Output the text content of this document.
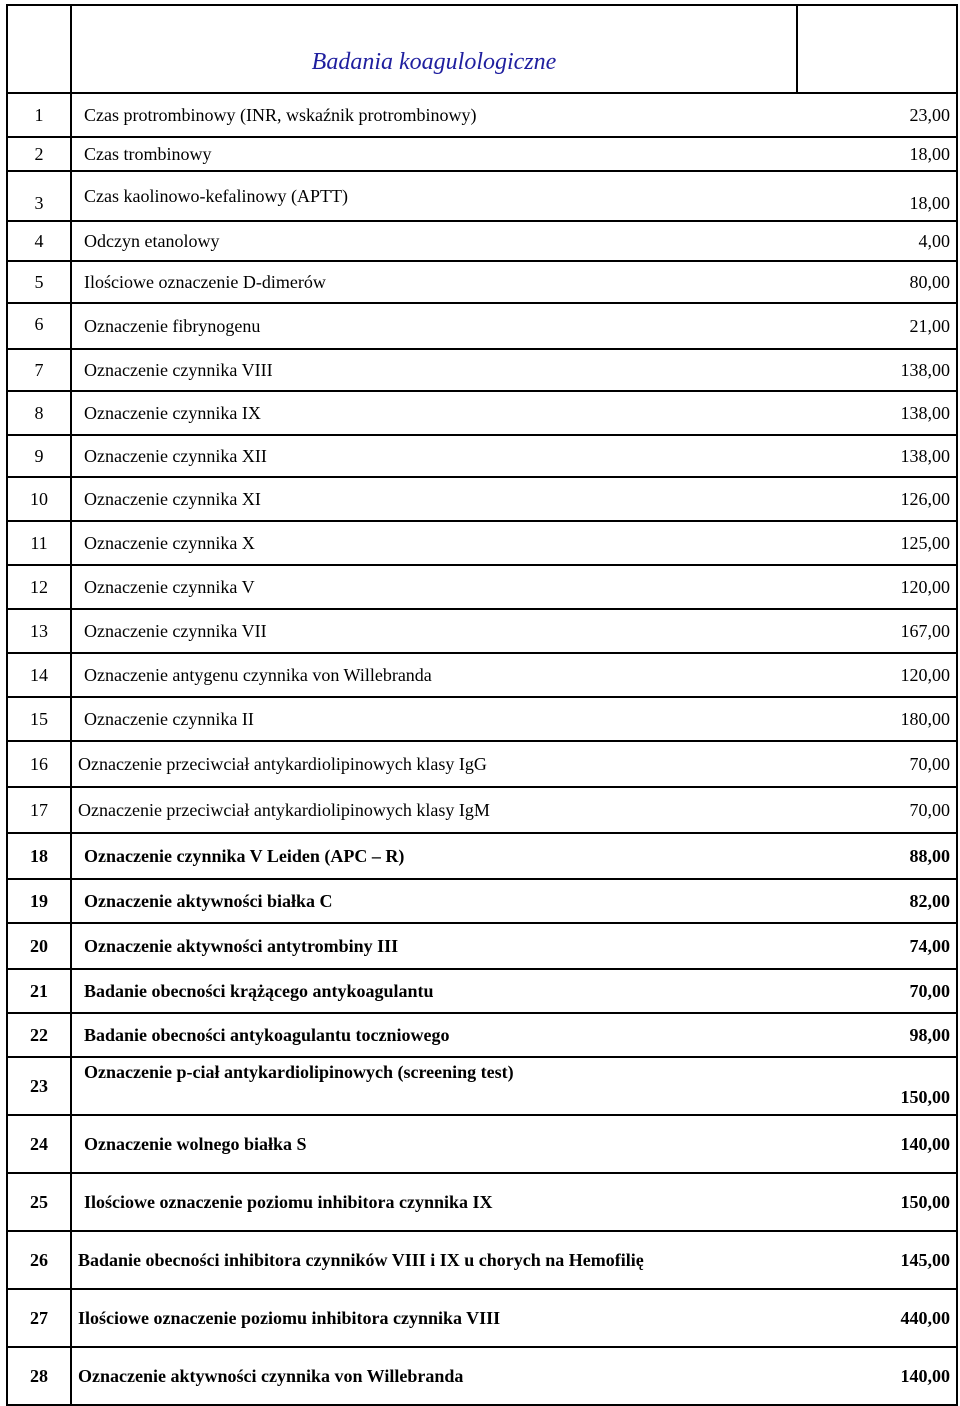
	Badania koagulologiczne	
1	Czas protrombinowy (INR, wskaźnik protrombinowy)	23,00
2	Czas trombinowy	18,00
3	Czas kaolinowo-kefalinowy (APTT)	18,00
4	Odczyn etanolowy	4,00
5	Ilościowe oznaczenie D-dimerów	80,00
6	Oznaczenie fibrynogenu	21,00
7	Oznaczenie czynnika VIII	138,00
8	Oznaczenie czynnika IX	138,00
9	Oznaczenie czynnika XII	138,00
10	Oznaczenie czynnika XI	126,00
11	Oznaczenie czynnika X	125,00
12	Oznaczenie czynnika V	120,00
13	Oznaczenie czynnika VII	167,00
14	Oznaczenie antygenu czynnika von Willebranda	120,00
15	Oznaczenie czynnika II	180,00
16	Oznaczenie przeciwciał antykardiolipinowych klasy IgG	70,00
17	Oznaczenie przeciwciał antykardiolipinowych klasy IgM	70,00
18	Oznaczenie czynnika V Leiden (APC – R)	88,00
19	Oznaczenie aktywności białka C	82,00
20	Oznaczenie aktywności antytrombiny III	74,00
21	Badanie obecności krążącego antykoagulantu	70,00
22	Badanie obecności antykoagulantu toczniowego	98,00
23	Oznaczenie p-ciał antykardiolipinowych (screening test)	150,00
24	Oznaczenie wolnego białka S	140,00
25	Ilościowe oznaczenie poziomu inhibitora czynnika IX	150,00
26	Badanie obecności inhibitora czynników VIII i IX u chorych na Hemofilię	145,00
27	Ilościowe oznaczenie poziomu inhibitora czynnika VIII	440,00
28	Oznaczenie aktywności czynnika von Willebranda	140,00
